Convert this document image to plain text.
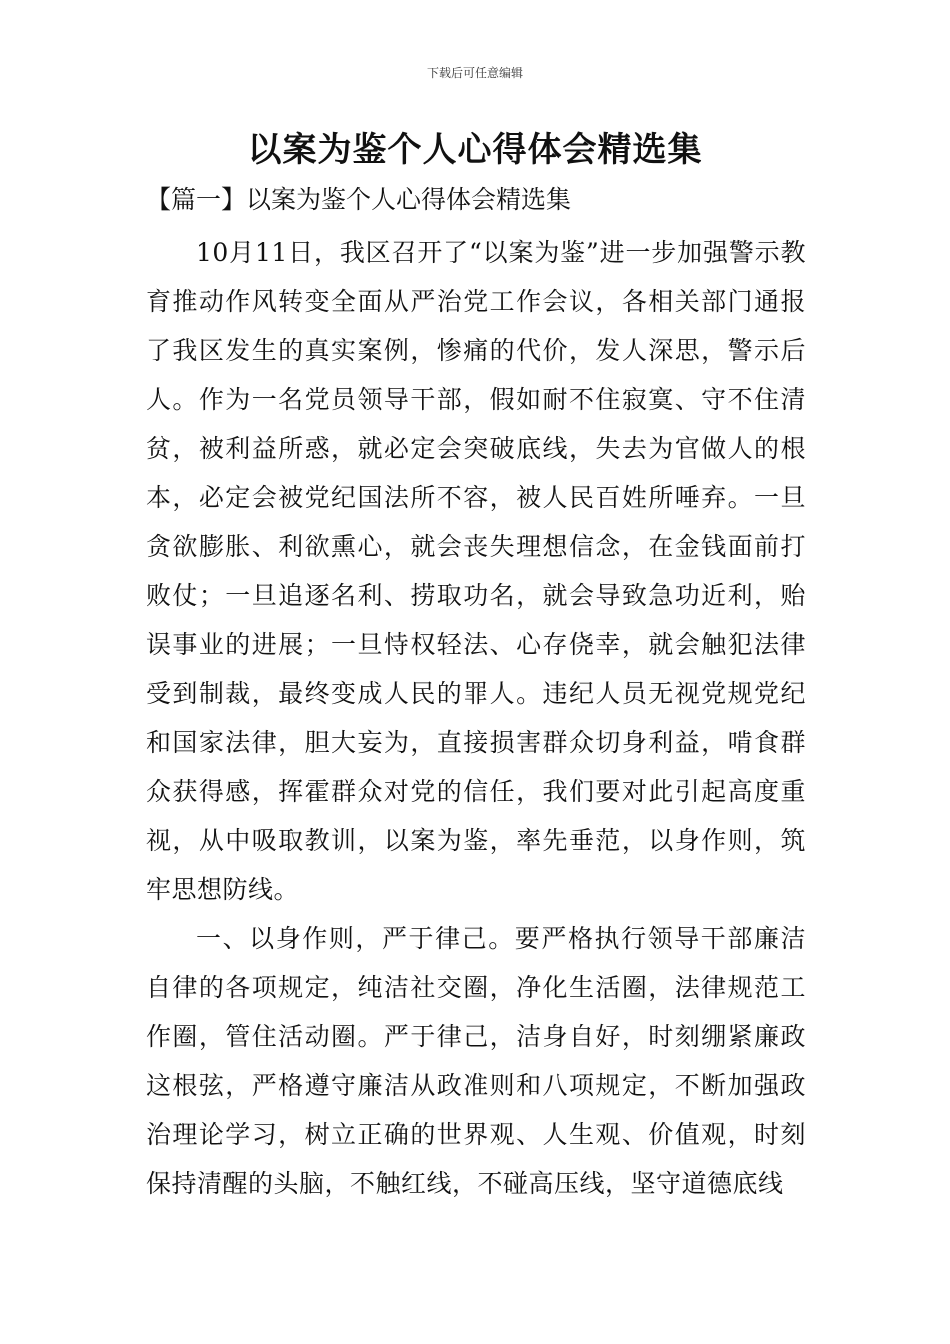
下载后可任意编辑
以案为鉴个人心得体会精选集
【篇一】以案为鉴个人心得体会精选集

10月11日，我区召开了“以案为鉴”进一步加强警示教育推动作风转变全面从严治党工作会议，各相关部门通报了我区发生的真实案例，惨痛的代价，发人深思，警示后人。作为一名党员领导干部，假如耐不住寂寞、守不住清贫，被利益所惑，就必定会突破底线，失去为官做人的根本，必定会被党纪国法所不容，被人民百姓所唾弃。一旦贪欲膨胀、利欲熏心，就会丧失理想信念，在金钱面前打败仗；一旦追逐名利、捞取功名，就会导致急功近利，贻误事业的进展；一旦恃权轻法、心存侥幸，就会触犯法律受到制裁，最终变成人民的罪人。违纪人员无视党规党纪和国家法律，胆大妄为，直接损害群众切身利益，啃食群众获得感，挥霍群众对党的信任，我们要对此引起高度重视，从中吸取教训，以案为鉴，率先垂范，以身作则，筑牢思想防线。

一、以身作则，严于律己。要严格执行领导干部廉洁自律的各项规定，纯洁社交圈，净化生活圈，法律规范工作圈，管住活动圈。严于律己，洁身自好，时刻绷紧廉政这根弦，严格遵守廉洁从政准则和八项规定，不断加强政治理论学习，树立正确的世界观、人生观、价值观，时刻保持清醒的头脑，不触红线，不碰高压线，坚守道德底线
